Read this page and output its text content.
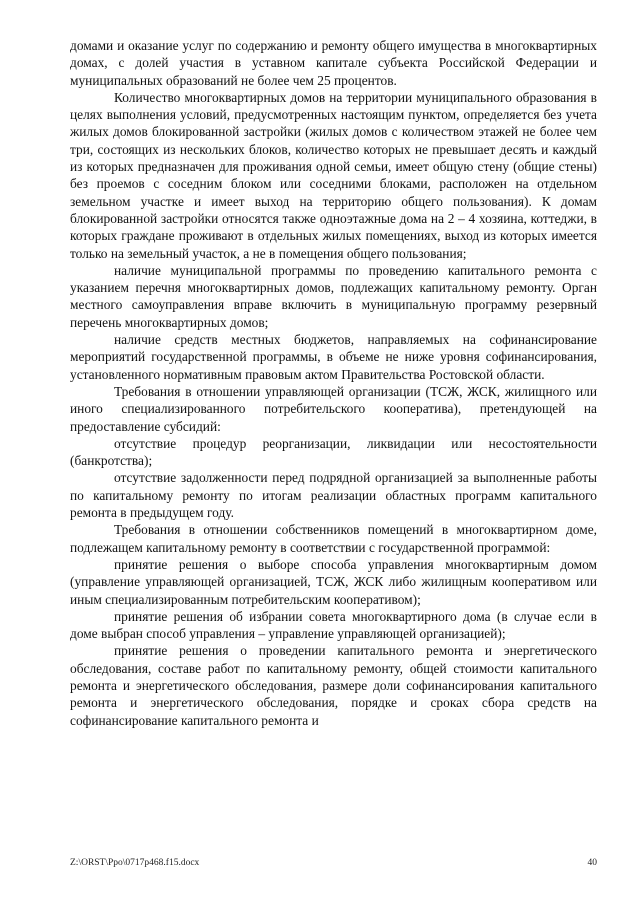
домами и оказание услуг по содержанию и ремонту общего имущества в многоквартирных домах, с долей участия в уставном капитале субъекта Российской Федерации и муниципальных образований не более чем 25 процентов.

Количество многоквартирных домов на территории муниципального образования в целях выполнения условий, предусмотренных настоящим пунктом, определяется без учета жилых домов блокированной застройки (жилых домов с количеством этажей не более чем три, состоящих из нескольких блоков, количество которых не превышает десять и каждый из которых предназначен для проживания одной семьи, имеет общую стену (общие стены) без проемов с соседним блоком или соседними блоками, расположен на отдельном земельном участке и имеет выход на территорию общего пользования). К домам блокированной застройки относятся также одноэтажные дома на 2 – 4 хозяина, коттеджи, в которых граждане проживают в отдельных жилых помещениях, выход из которых имеется только на земельный участок, а не в помещения общего пользования;

наличие муниципальной программы по проведению капитального ремонта с указанием перечня многоквартирных домов, подлежащих капитальному ремонту. Орган местного самоуправления вправе включить в муниципальную программу резервный перечень многоквартирных домов;

наличие средств местных бюджетов, направляемых на софинансирование мероприятий государственной программы, в объеме не ниже уровня софинансирования, установленного нормативным правовым актом Правительства Ростовской области.

Требования в отношении управляющей организации (ТСЖ, ЖСК, жилищного или иного специализированного потребительского кооператива), претендующей на предоставление субсидий:

отсутствие процедур реорганизации, ликвидации или несостоятельности (банкротства);

отсутствие задолженности перед подрядной организацией за выполненные работы по капитальному ремонту по итогам реализации областных программ капитального ремонта в предыдущем году.

Требования в отношении собственников помещений в многоквартирном доме, подлежащем капитальному ремонту в соответствии с государственной программой:

принятие решения о выборе способа управления многоквартирным домом (управление управляющей организацией, ТСЖ, ЖСК либо жилищным кооперативом или иным специализированным потребительским кооперативом);

принятие решения об избрании совета многоквартирного дома (в случае если в доме выбран способ управления – управление управляющей организацией);

принятие решения о проведении капитального ремонта и энергетического обследования, составе работ по капитальному ремонту, общей стоимости капитального ремонта и энергетического обследования, размере доли софинансирования капитального ремонта и энергетического обследования, порядке и сроках сбора средств на софинансирование капитального ремонта и

Z:\ORST\Ppo\0717p468.f15.docx	40
